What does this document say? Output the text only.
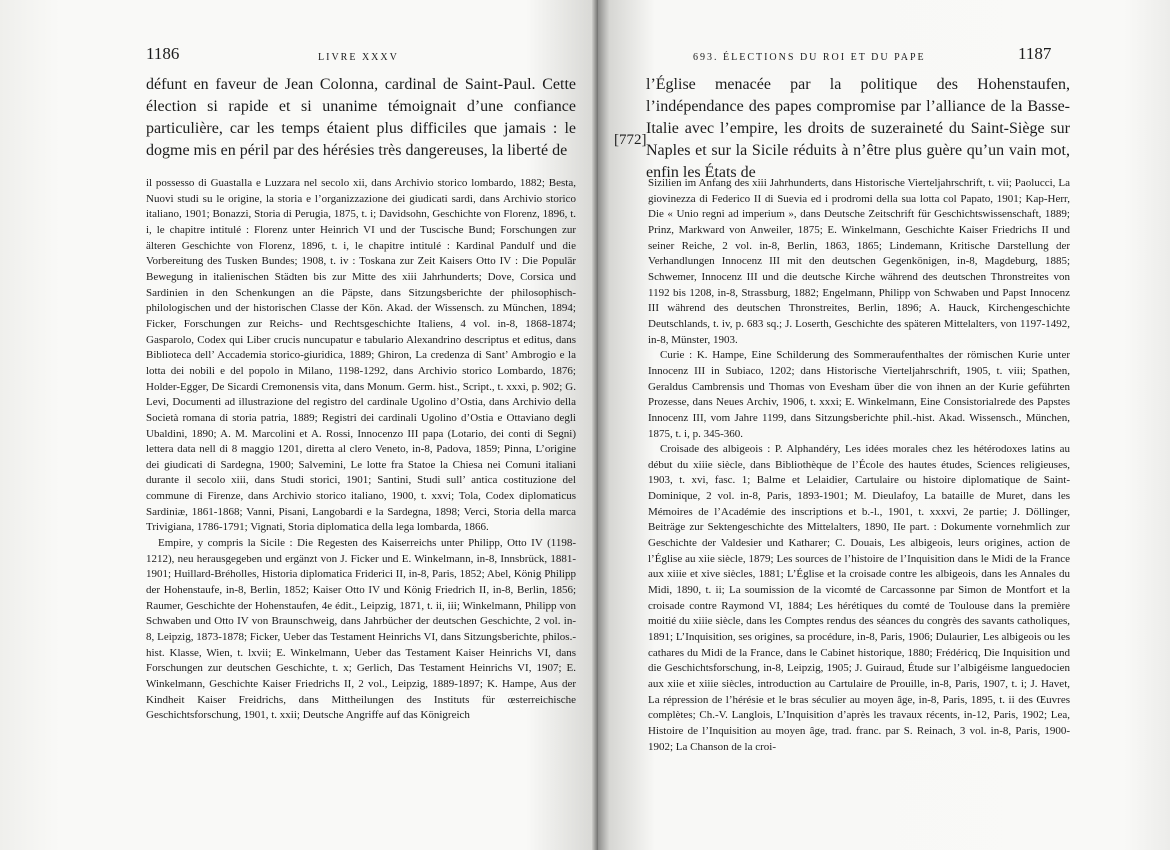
1186	LIVRE XXXV

défunt en faveur de Jean Colonna, cardinal de Saint-Paul. Cette élection si rapide et si unanime témoignait d’une confiance particulière, car les temps étaient plus difficiles que jamais : le dogme mis en péril par des hérésies très dangereuses, la liberté de

il possesso di Guastalla e Luzzara nel secolo xii, dans Archivio storico lombardo, 1882; Besta, Nuovi studi su le origine, la storia e l’organizzazione dei giudicati sardi, dans Archivio storico italiano, 1901; Bonazzi, Storia di Perugia, 1875, t. i; Davidsohn, Geschichte von Florenz, 1896, t. i, le chapitre intitulé : Florenz unter Heinrich VI und der Tuscische Bund; Forschungen zur älteren Geschichte von Florenz, 1896, t. i, le chapitre intitulé : Kardinal Pandulf und die Vorbereitung des Tusken Bundes; 1908, t. iv : Toskana zur Zeit Kaisers Otto IV : Die Populär Bewegung in italienischen Städten bis zur Mitte des xiii Jahrhunderts; Dove, Corsica und Sardinien in den Schenkungen an die Päpste, dans Sitzungsberichte der philosophisch-philologischen und der historischen Classe der Kön. Akad. der Wissensch. zu München, 1894; Ficker, Forschungen zur Reichs- und Rechtsgeschichte Italiens, 4 vol. in-8, 1868-1874; Gasparolo, Codex qui Liber crucis nuncupatur e tabulario Alexandrino descriptus et editus, dans Biblioteca dell’ Accademia storico-giuridica, 1889; Ghiron, La credenza di Sant’ Ambrogio e la lotta dei nobili e del popolo in Milano, 1198-1292, dans Archivio storico Lombardo, 1876; Holder-Egger, De Sicardi Cremonensis vita, dans Monum. Germ. hist., Script., t. xxxi, p. 902; G. Levi, Documenti ad illustrazione del registro del cardinale Ugolino d’Ostia, dans Archivio della Società romana di storia patria, 1889; Registri dei cardinali Ugolino d’Ostia e Ottaviano degli Ubaldini, 1890; A. M. Marcolini et A. Rossi, Innocenzo III papa (Lotario, dei conti di Segni) lettera data nell di 8 maggio 1201, diretta al clero Veneto, in-8, Padova, 1859; Pinna, L’origine dei giudicati di Sardegna, 1900; Salvemini, Le lotte fra Statoe la Chiesa nei Comuni italiani durante il secolo xiii, dans Studi storici, 1901; Santini, Studi sull’ antica costituzione del commune di Firenze, dans Archivio storico italiano, 1900, t. xxvi; Tola, Codex diplomaticus Sardiniæ, 1861-1868; Vanni, Pisani, Langobardi e la Sardegna, 1898; Verci, Storia della marca Trivigiana, 1786-1791; Vignati, Storia diplomatica della lega lombarda, 1866.

Empire, y compris la Sicile : Die Regesten des Kaiserreichs unter Philipp, Otto IV (1198-1212), neu herausgegeben und ergänzt von J. Ficker und E. Winkelmann, in-8, Innsbrück, 1881-1901; Huillard-Bréholles, Historia diplomatica Friderici II, in-8, Paris, 1852; Abel, König Philipp der Hohenstaufe, in-8, Berlin, 1852; Kaiser Otto IV und König Friedrich II, in-8, Berlin, 1856; Raumer, Geschichte der Hohenstaufen, 4e édit., Leipzig, 1871, t. ii, iii; Winkelmann, Philipp von Schwaben und Otto IV von Braunschweig, dans Jahrbücher der deutschen Geschichte, 2 vol. in-8, Leipzig, 1873-1878; Ficker, Ueber das Testament Heinrichs VI, dans Sitzungsberichte, philos.-hist. Klasse, Wien, t. lxvii; E. Winkelmann, Ueber das Testament Kaiser Heinrichs VI, dans Forschungen zur deutschen Geschichte, t. x; Gerlich, Das Testament Heinrichs VI, 1907; E. Winkelmann, Geschichte Kaiser Friedrichs II, 2 vol., Leipzig, 1889-1897; K. Hampe, Aus der Kindheit Kaiser Freidrichs, dans Mittheilungen des Instituts für œsterreichische Geschichtsforschung, 1901, t. xxii; Deutsche Angriffe auf das Königreich

693. ÉLECTIONS DU ROI ET DU PAPE	1187
[772]

l’Église menacée par la politique des Hohenstaufen, l’indépendance des papes compromise par l’alliance de la Basse-Italie avec l’empire, les droits de suzeraineté du Saint-Siège sur Naples et sur la Sicile réduits à n’être plus guère qu’un vain mot, enfin les États de

Sizilien im Anfang des xiii Jahrhunderts, dans Historische Vierteljahrschrift, t. vii; Paolucci, La giovinezza di Federico II di Suevia ed i prodromi della sua lotta col Papato, 1901; Kap-Herr, Die « Unio regni ad imperium », dans Deutsche Zeitschrift für Geschichtswissenschaft, 1889; Prinz, Markward von Anweiler, 1875; E. Winkelmann, Geschichte Kaiser Friedrichs II und seiner Reiche, 2 vol. in-8, Berlin, 1863, 1865; Lindemann, Kritische Darstellung der Verhandlungen Innocenz III mit den deutschen Gegenkönigen, in-8, Magdeburg, 1885; Schwemer, Innocenz III und die deutsche Kirche während des deutschen Thronstreites von 1192 bis 1208, in-8, Strassburg, 1882; Engelmann, Philipp von Schwaben und Papst Innocenz III während des deutschen Thronstreites, Berlin, 1896; A. Hauck, Kirchengeschichte Deutschlands, t. iv, p. 683 sq.; J. Loserth, Geschichte des späteren Mittelalters, von 1197-1492, in-8, Münster, 1903.

Curie : K. Hampe, Eine Schilderung des Sommeraufenthaltes der römischen Kurie unter Innocenz III in Subiaco, 1202; dans Historische Vierteljahrschrift, 1905, t. viii; Spathen, Geraldus Cambrensis und Thomas von Evesham über die von ihnen an der Kurie geführten Prozesse, dans Neues Archiv, 1906, t. xxxi; E. Winkelmann, Eine Consistorialrede des Papstes Innocenz III, vom Jahre 1199, dans Sitzungsberichte phil.-hist. Akad. Wissensch., München, 1875, t. i, p. 345-360.

Croisade des albigeois : P. Alphandéry, Les idées morales chez les hétérodoxes latins au début du xiiie siècle, dans Bibliothèque de l’École des hautes études, Sciences religieuses, 1903, t. xvi, fasc. 1; Balme et Lelaidier, Cartulaire ou histoire diplomatique de Saint-Dominique, 2 vol. in-8, Paris, 1893-1901; M. Dieulafoy, La bataille de Muret, dans les Mémoires de l’Académie des inscriptions et b.-l., 1901, t. xxxvi, 2e partie; J. Döllinger, Beiträge zur Sektengeschichte des Mittelalters, 1890, IIe part. : Dokumente vornehmlich zur Geschichte der Valdesier und Katharer; C. Douais, Les albigeois, leurs origines, action de l’Église au xiie siècle, 1879; Les sources de l’histoire de l’Inquisition dans le Midi de la France aux xiiie et xive siècles, 1881; L’Église et la croisade contre les albigeois, dans les Annales du Midi, 1890, t. ii; La soumission de la vicomté de Carcassonne par Simon de Montfort et la croisade contre Raymond VI, 1884; Les hérétiques du comté de Toulouse dans la première moitié du xiiie siècle, dans les Comptes rendus des séances du congrès des savants catholiques, 1891; L’Inquisition, ses origines, sa procédure, in-8, Paris, 1906; Dulaurier, Les albigeois ou les cathares du Midi de la France, dans le Cabinet historique, 1880; Frédéricq, Die Inquisition und die Geschichtsforschung, in-8, Leipzig, 1905; J. Guiraud, Étude sur l’albigéisme languedocien aux xiie et xiiie siècles, introduction au Cartulaire de Prouille, in-8, Paris, 1907, t. i; J. Havet, La répression de l’hérésie et le bras séculier au moyen âge, in-8, Paris, 1895, t. ii des Œuvres complètes; Ch.-V. Langlois, L’Inquisition d’après les travaux récents, in-12, Paris, 1902; Lea, Histoire de l’Inquisition au moyen âge, trad. franc. par S. Reinach, 3 vol. in-8, Paris, 1900-1902; La Chanson de la croi-
